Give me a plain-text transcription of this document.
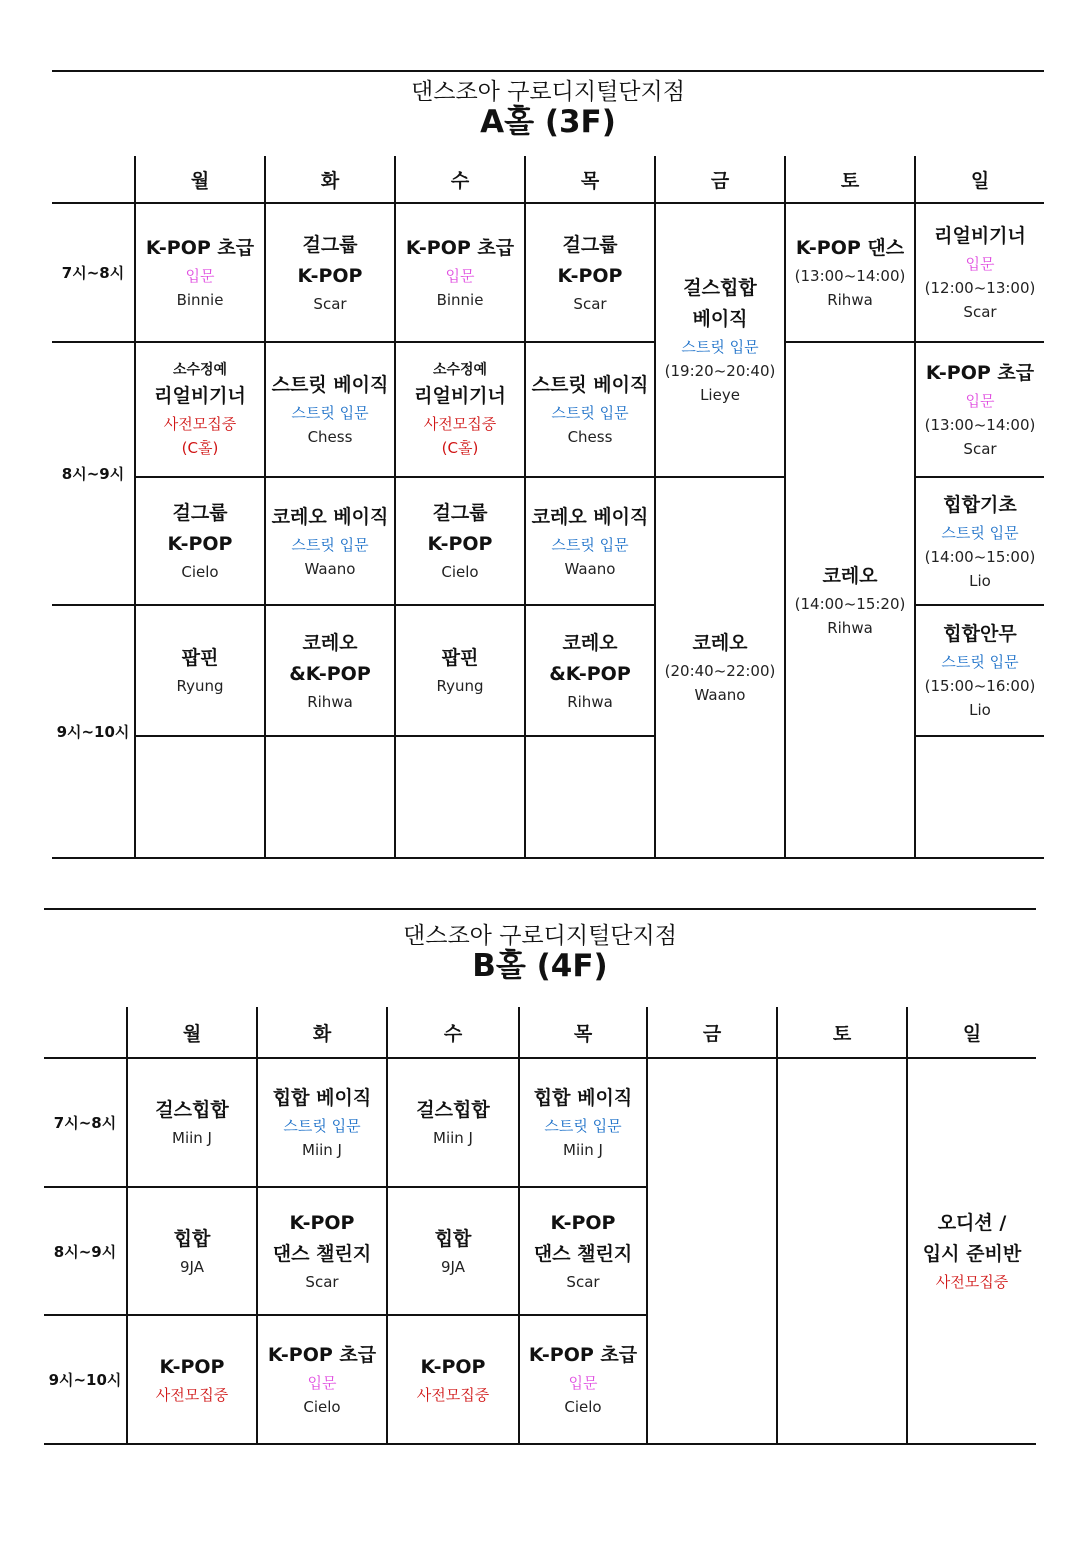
댄스조아 구로디지털단지점
A홀 (3F)
	월	화	수	목	금	토	일
7시~8시	K-POP 초급
입문
Binnie	걸그룹
K-POP
Scar	K-POP 초급
입문
Binnie	걸그룹
K-POP
Scar	걸스힙합
베이직
스트릿 입문
(19:20~20:40)
Lieye	K-POP 댄스
(13:00~14:00)
Rihwa	리얼비기너
입문
(12:00~13:00)
Scar

8시~9시	소수정예
리얼비기너
사전모집중
(C홀)	스트릿 베이직
스트릿 입문
Chess	소수정예
리얼비기너
사전모집중
(C홀)	스트릿 베이직
스트릿 입문
Chess		코레오
(14:00~15:20)
Rihwa	K-POP 초급
입문
(13:00~14:00)
Scar

	걸그룹
K-POP
Cielo	코레오 베이직
스트릿 입문
Waano	걸그룹
K-POP
Cielo	코레오 베이직
스트릿 입문
Waano	코레오
(20:40~22:00)
Waano		힙합기초
스트릿 입문
(14:00~15:00)
Lio

9시~10시	팝핀
Ryung	코레오
&K-POP
Rihwa	팝핀
Ryung	코레오
&K-POP
Rihwa			힙합안무
스트릿 입문
(15:00~16:00)
Lio

댄스조아 구로디지털단지점
B홀 (4F)
	월	화	수	목	금	토	일
7시~8시	걸스힙합
Miin J	힙합 베이직
스트릿 입문
Miin J	걸스힙합
Miin J	힙합 베이직
스트릿 입문
Miin J			오디션 /
입시 준비반
사전모집중

8시~9시	힙합
9JA	K-POP
댄스 챌린지
Scar	힙합
9JA	K-POP
댄스 챌린지
Scar			

9시~10시	K-POP
사전모집중	K-POP 초급
입문
Cielo	K-POP
사전모집중	K-POP 초급
입문
Cielo			
